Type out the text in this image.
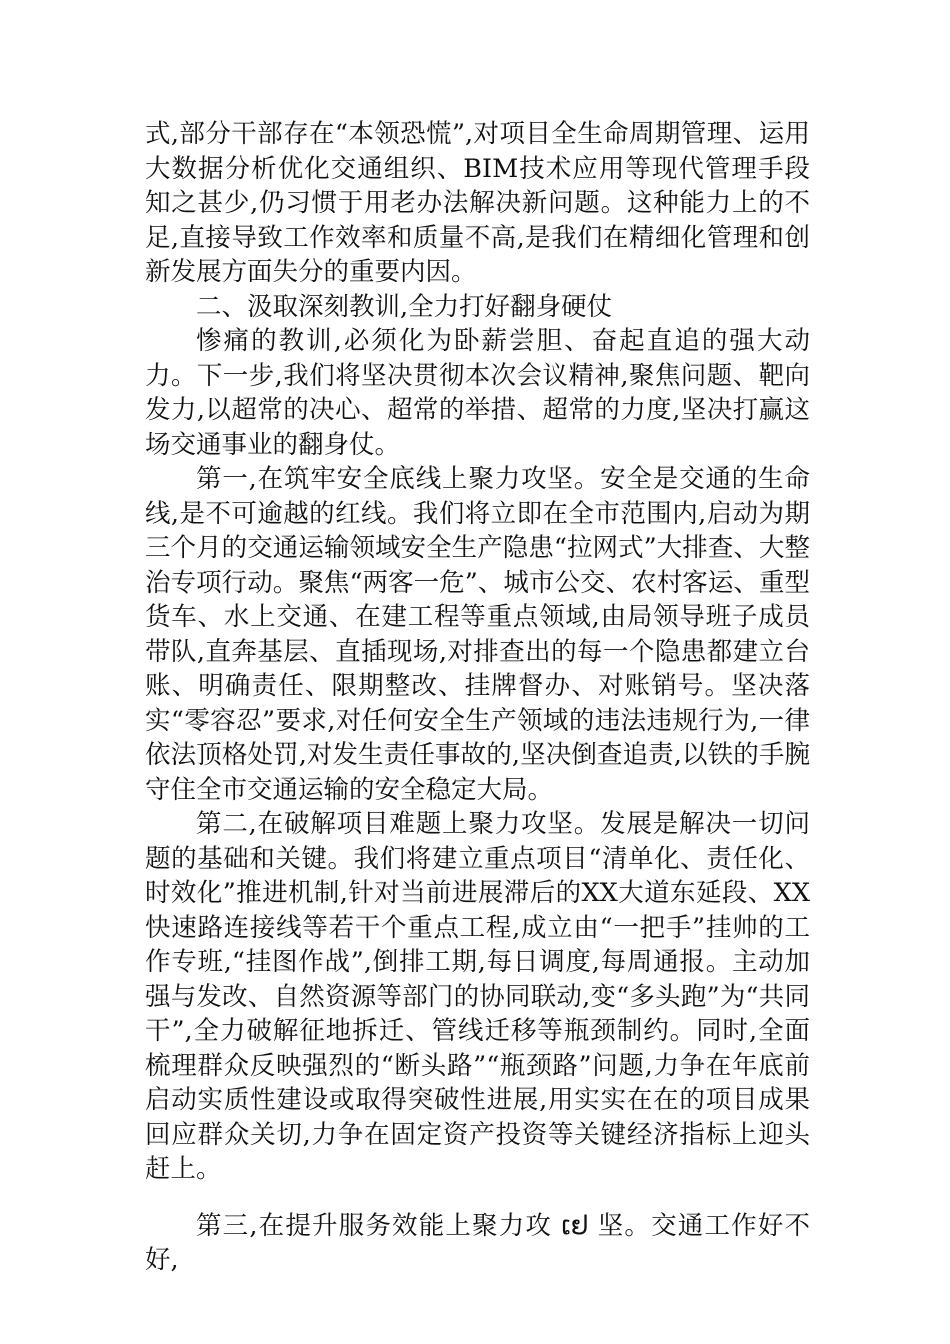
式,部分干部存在“本领恐慌”,对项目全生命周期管理、运用大数据分析优化交通组织、BIM技术应用等现代管理手段知之甚少,仍习惯于用老办法解决新问题。这种能力上的不足,直接导致工作效率和质量不高,是我们在精细化管理和创新发展方面失分的重要内因。

二、汲取深刻教训,全力打好翻身硬仗

惨痛的教训,必须化为卧薪尝胆、奋起直追的强大动力。下一步,我们将坚决贯彻本次会议精神,聚焦问题、靶向发力,以超常的决心、超常的举措、超常的力度,坚决打赢这场交通事业的翻身仗。

第一,在筑牢安全底线上聚力攻坚。安全是交通的生命线,是不可逾越的红线。我们将立即在全市范围内,启动为期三个月的交通运输领域安全生产隐患“拉网式”大排查、大整治专项行动。聚焦“两客一危”、城市公交、农村客运、重型货车、水上交通、在建工程等重点领域,由局领导班子成员带队,直奔基层、直插现场,对排查出的每一个隐患都建立台账、明确责任、限期整改、挂牌督办、对账销号。坚决落实“零容忍”要求,对任何安全生产领域的违法违规行为,一律依法顶格处罚,对发生责任事故的,坚决倒查追责,以铁的手腕守住全市交通运输的安全稳定大局。

第二,在破解项目难题上聚力攻坚。发展是解决一切问题的基础和关键。我们将建立重点项目“清单化、责任化、时效化”推进机制,针对当前进展滞后的XX大道东延段、XX快速路连接线等若干个重点工程,成立由“一把手”挂帅的工作专班,“挂图作战”,倒排工期,每日调度,每周通报。主动加强与发改、自然资源等部门的协同联动,变“多头跑”为“共同干”,全力破解征地拆迁、管线迁移等瓶颈制约。同时,全面梳理群众反映强烈的“断头路”“瓶颈路”问题,力争在年底前启动实质性建设或取得突破性进展,用实实在在的项目成果回应群众关切,力争在固定资产投资等关键经济指标上迎头赶上。

第三,在提升服务效能上聚力攻 ເຢ 坚。交通工作好不好,
